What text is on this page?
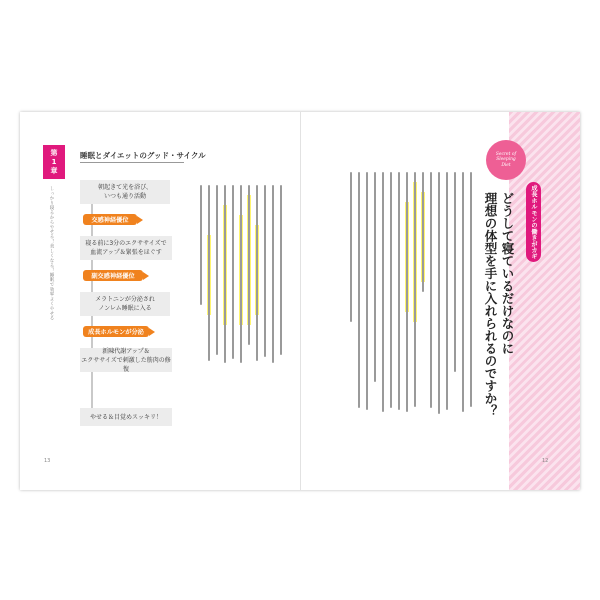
第
1
章
しっかり寝るからやせる！美しくなる！睡眠で効率よくやせる
睡眠とダイエットのグッド・サイクル
朝起きて光を浴び、
いつも通り活動
交感神経優位
寝る前に3分のエクササイズで
血流アップ＆緊張をほぐす
副交感神経優位
メラトニンが分泌され
ノンレム睡眠に入る
成長ホルモンが分泌
新陳代謝アップ＆
エクササイズで刺激した筋肉の修復
やせる＆目覚めスッキリ！
13
Secret of
Sleeping
Diet
成長ホルモンの働きがカギ
どうして寝ているだけなのに
理想の体型を手に入れられるのですか？
12
